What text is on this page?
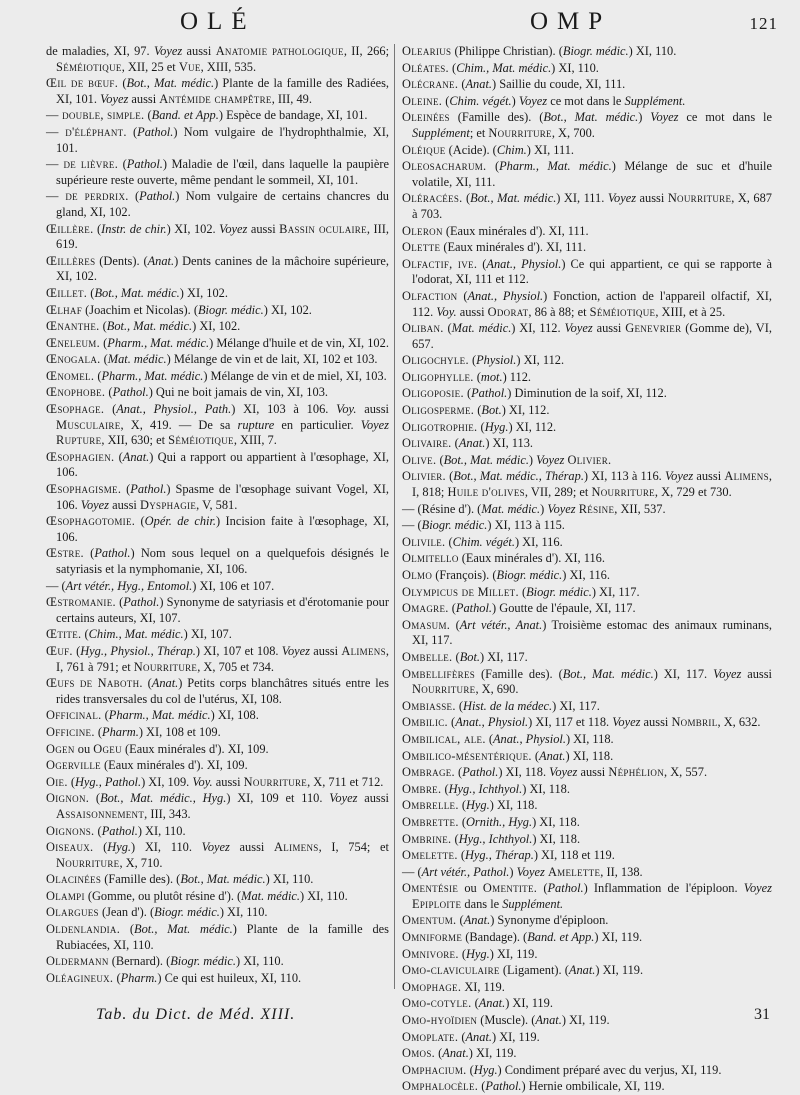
OLÉ	OMP	121
de maladies, XI, 97. Voyez aussi Anatomie pathologique, II, 266; Séméiotique, XII, 25 et Vue, XIII, 535.
Œil de bœuf. (Bot., Mat. médic.) Plante de la famille des Radiées, XI, 101. Voyez aussi Antémide champêtre, III, 49.
— double, simple. (Band. et App.) Espèce de bandage, XI, 101.
— d'éléphant. (Pathol.) Nom vulgaire de l'hydrophthalmie, XI, 101.
— de lièvre. (Pathol.) Maladie de l'œil, dans laquelle la paupière supérieure reste ouverte, même pendant le sommeil, XI, 101.
— de perdrix. (Pathol.) Nom vulgaire de certains chancres du gland, XI, 102.
Œillère. (Instr. de chir.) XI, 102. Voyez aussi Bassin oculaire, III, 619.
Œillères (Dents). (Anat.) Dents canines de la mâchoire supérieure, XI, 102.
Œillet. (Bot., Mat. médic.) XI, 102.
Œlhaf (Joachim et Nicolas). (Biogr. médic.) XI, 102.
Œnanthe. (Bot., Mat. médic.) XI, 102.
Œneleum. (Pharm., Mat. médic.) Mélange d'huile et de vin, XI, 102.
Œnogala. (Mat. médic.) Mélange de vin et de lait, XI, 102 et 103.
Œnomel. (Pharm., Mat. médic.) Mélange de vin et de miel, XI, 103.
Œnophobe. (Pathol.) Qui ne boit jamais de vin, XI, 103.
Œsophage. (Anat., Physiol., Path.) XI, 103 à 106. Voy. aussi Musculaire, X, 419. — De sa rupture en particulier. Voyez Rupture, XII, 630; et Séméiotique, XIII, 7.
Œsophagien. (Anat.) Qui a rapport ou appartient à l'œsophage, XI, 106.
Œsophagisme. (Pathol.) Spasme de l'œsophage suivant Vogel, XI, 106. Voyez aussi Dysphagie, V, 581.
Œsophagotomie. (Opér. de chir.) Incision faite à l'œsophage, XI, 106.
Œstre. (Pathol.) Nom sous lequel on a quelquefois désignés le satyriasis et la nymphomanie, XI, 106.
— (Art vétér., Hyg., Entomol.) XI, 106 et 107.
Œstromanie. (Pathol.) Synonyme de satyriasis et d'érotomanie pour certains auteurs, XI, 107.
Œtite. (Chim., Mat. médic.) XI, 107.
Œuf. (Hyg., Physiol., Thérap.) XI, 107 et 108. Voyez aussi Alimens, I, 761 à 791; et Nourriture, X, 705 et 734.
Œufs de Naboth. (Anat.) Petits corps blanchâtres situés entre les rides transversales du col de l'utérus, XI, 108.
Officinal. (Pharm., Mat. médic.) XI, 108.
Officine. (Pharm.) XI, 108 et 109.
Ogen ou Ogeu (Eaux minérales d'). XI, 109.
Ogerville (Eaux minérales d'). XI, 109.
Oie. (Hyg., Pathol.) XI, 109. Voy. aussi Nourriture, X, 711 et 712.
Oignon. (Bot., Mat. médic., Hyg.) XI, 109 et 110. Voyez aussi Assaisonnement, III, 343.
Oignons. (Pathol.) XI, 110.
Oiseaux. (Hyg.) XI, 110. Voyez aussi Alimens, I, 754; et Nourriture, X, 710.
Olacinées (Famille des). (Bot., Mat. médic.) XI, 110.
Olampi (Gomme, ou plutôt résine d'). (Mat. médic.) XI, 110.
Olargues (Jean d'). (Biogr. médic.) XI, 110.
Oldenlandia. (Bot., Mat. médic.) Plante de la famille des Rubiacées, XI, 110.
Oldermann (Bernard). (Biogr. médic.) XI, 110.
Oléagineux. (Pharm.) Ce qui est huileux, XI, 110.
Olearius (Philippe Christian). (Biogr. médic.) XI, 110.
Oléates. (Chim., Mat. médic.) XI, 110.
Olécrane. (Anat.) Saillie du coude, XI, 111.
Oleine. (Chim. végét.) Voyez ce mot dans le Supplément.
Oleinées (Famille des). (Bot., Mat. médic.) Voyez ce mot dans le Supplément; et Nourriture, X, 700.
Oléique (Acide). (Chim.) XI, 111.
Oleosacharum. (Pharm., Mat. médic.) Mélange de suc et d'huile volatile, XI, 111.
Oléracées. (Bot., Mat. médic.) XI, 111. Voyez aussi Nourriture, X, 687 à 703.
Oleron (Eaux minérales d'). XI, 111.
Olette (Eaux minérales d'). XI, 111.
Olfactif, ive. (Anat., Physiol.) Ce qui appartient, ce qui se rapporte à l'odorat, XI, 111 et 112.
Olfaction (Anat., Physiol.) Fonction, action de l'appareil olfactif, XI, 112. Voy. aussi Odorat, 86 à 88; et Séméiotique, XIII, et à 25.
Oliban. (Mat. médic.) XI, 112. Voyez aussi Genevrier (Gomme de), VI, 657.
Oligochyle. (Physiol.) XI, 112.
Oligophylle. (mot.) 112.
Oligoposie. (Pathol.) Diminution de la soif, XI, 112.
Oligosperme. (Bot.) XI, 112.
Oligotrophie. (Hyg.) XI, 112.
Olivaire. (Anat.) XI, 113.
Olive. (Bot., Mat. médic.) Voyez Olivier.
Olivier. (Bot., Mat. médic., Thérap.) XI, 113 à 116. Voyez aussi Alimens, I, 818; Huile d'olives, VII, 289; et Nourriture, X, 729 et 730.
— (Résine d'). (Mat. médic.) Voyez Résine, XII, 537.
— (Biogr. médic.) XI, 113 à 115.
Olivile. (Chim. végét.) XI, 116.
Olmitello (Eaux minérales d'). XI, 116.
Olmo (François). (Biogr. médic.) XI, 116.
Olympicus de Millet. (Biogr. médic.) XI, 117.
Omagre. (Pathol.) Goutte de l'épaule, XI, 117.
Omasum. (Art vétér., Anat.) Troisième estomac des animaux ruminans, XI, 117.
Ombelle. (Bot.) XI, 117.
Ombellifères (Famille des). (Bot., Mat. médic.) XI, 117. Voyez aussi Nourriture, X, 690.
Ombiasse. (Hist. de la médec.) XI, 117.
Ombilic. (Anat., Physiol.) XI, 117 et 118. Voyez aussi Nombril, X, 632.
Ombilical, ale. (Anat., Physiol.) XI, 118.
Ombilico-mésentérique. (Anat.) XI, 118.
Ombrage. (Pathol.) XI, 118. Voyez aussi Néphélion, X, 557.
Ombre. (Hyg., Ichthyol.) XI, 118.
Ombrelle. (Hyg.) XI, 118.
Ombrette. (Ornith., Hyg.) XI, 118.
Ombrine. (Hyg., Ichthyol.) XI, 118.
Omelette. (Hyg., Thérap.) XI, 118 et 119.
— (Art vétér., Pathol.) Voyez Amelette, II, 138.
Omentésie ou Omentite. (Pathol.) Inflammation de l'épiploon. Voyez Epiploite dans le Supplément.
Omentum. (Anat.) Synonyme d'épiploon.
Omniforme (Bandage). (Band. et App.) XI, 119.
Omnivore. (Hyg.) XI, 119.
Omo-claviculaire (Ligament). (Anat.) XI, 119.
Omophage. XI, 119.
Omo-cotyle. (Anat.) XI, 119.
Omo-hyoïdien (Muscle). (Anat.) XI, 119.
Omoplate. (Anat.) XI, 119.
Omos. (Anat.) XI, 119.
Omphacium. (Hyg.) Condiment préparé avec du verjus, XI, 119.
Omphalocèle. (Pathol.) Hernie ombilicale, XI, 119.
Tab. du Dict. de Méd. XIII.	31
